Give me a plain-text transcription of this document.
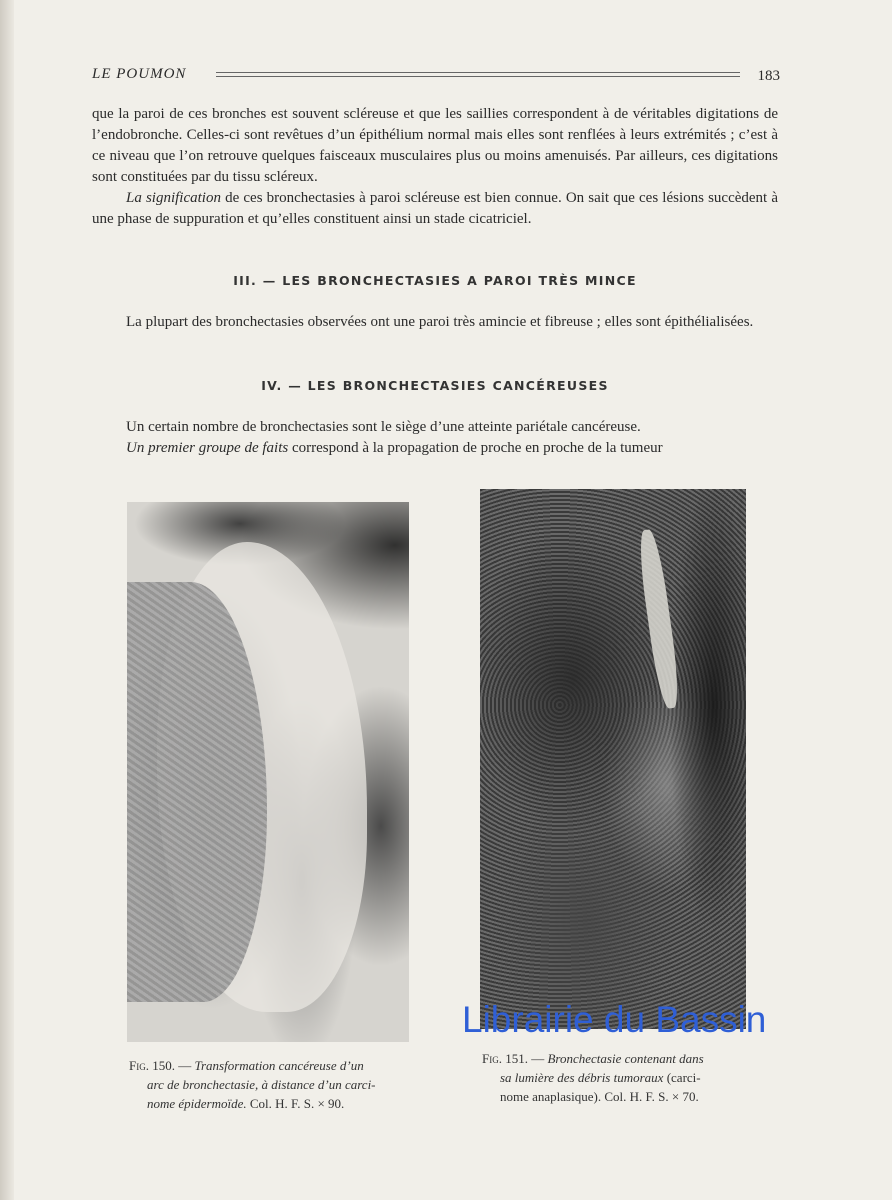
LE POUMON	183

que la paroi de ces bronches est souvent scléreuse et que les saillies correspondent à de véritables digitations de l’endobronche. Celles-ci sont revêtues d’un épithélium normal mais elles sont renflées à leurs extrémités ; c’est à ce niveau que l’on retrouve quelques faisceaux musculaires plus ou moins amenuisés. Par ailleurs, ces digitations sont constituées par du tissu scléreux.

La signification de ces bronchectasies à paroi scléreuse est bien connue. On sait que ces lésions succèdent à une phase de suppuration et qu’elles constituent ainsi un stade cicatriciel.

III. — LES BRONCHECTASIES A PAROI TRÈS MINCE

La plupart des bronchectasies observées ont une paroi très amincie et fibreuse ; elles sont épithélialisées.

IV. — LES BRONCHECTASIES CANCÉREUSES

Un certain nombre de bronchectasies sont le siège d’une atteinte pariétale cancéreuse.

Un premier groupe de faits correspond à la propagation de proche en proche de la tumeur

Fig. 150. — Transformation cancéreuse d’un
arc de bronchectasie, à distance d’un carci-
nome épidermoïde. Col. H. F. S. × 90.
Fig. 151. — Bronchectasie contenant dans
sa lumière des débris tumoraux (carci-
nome anaplasique). Col. H. F. S. × 70.
Librairie du Bassin
